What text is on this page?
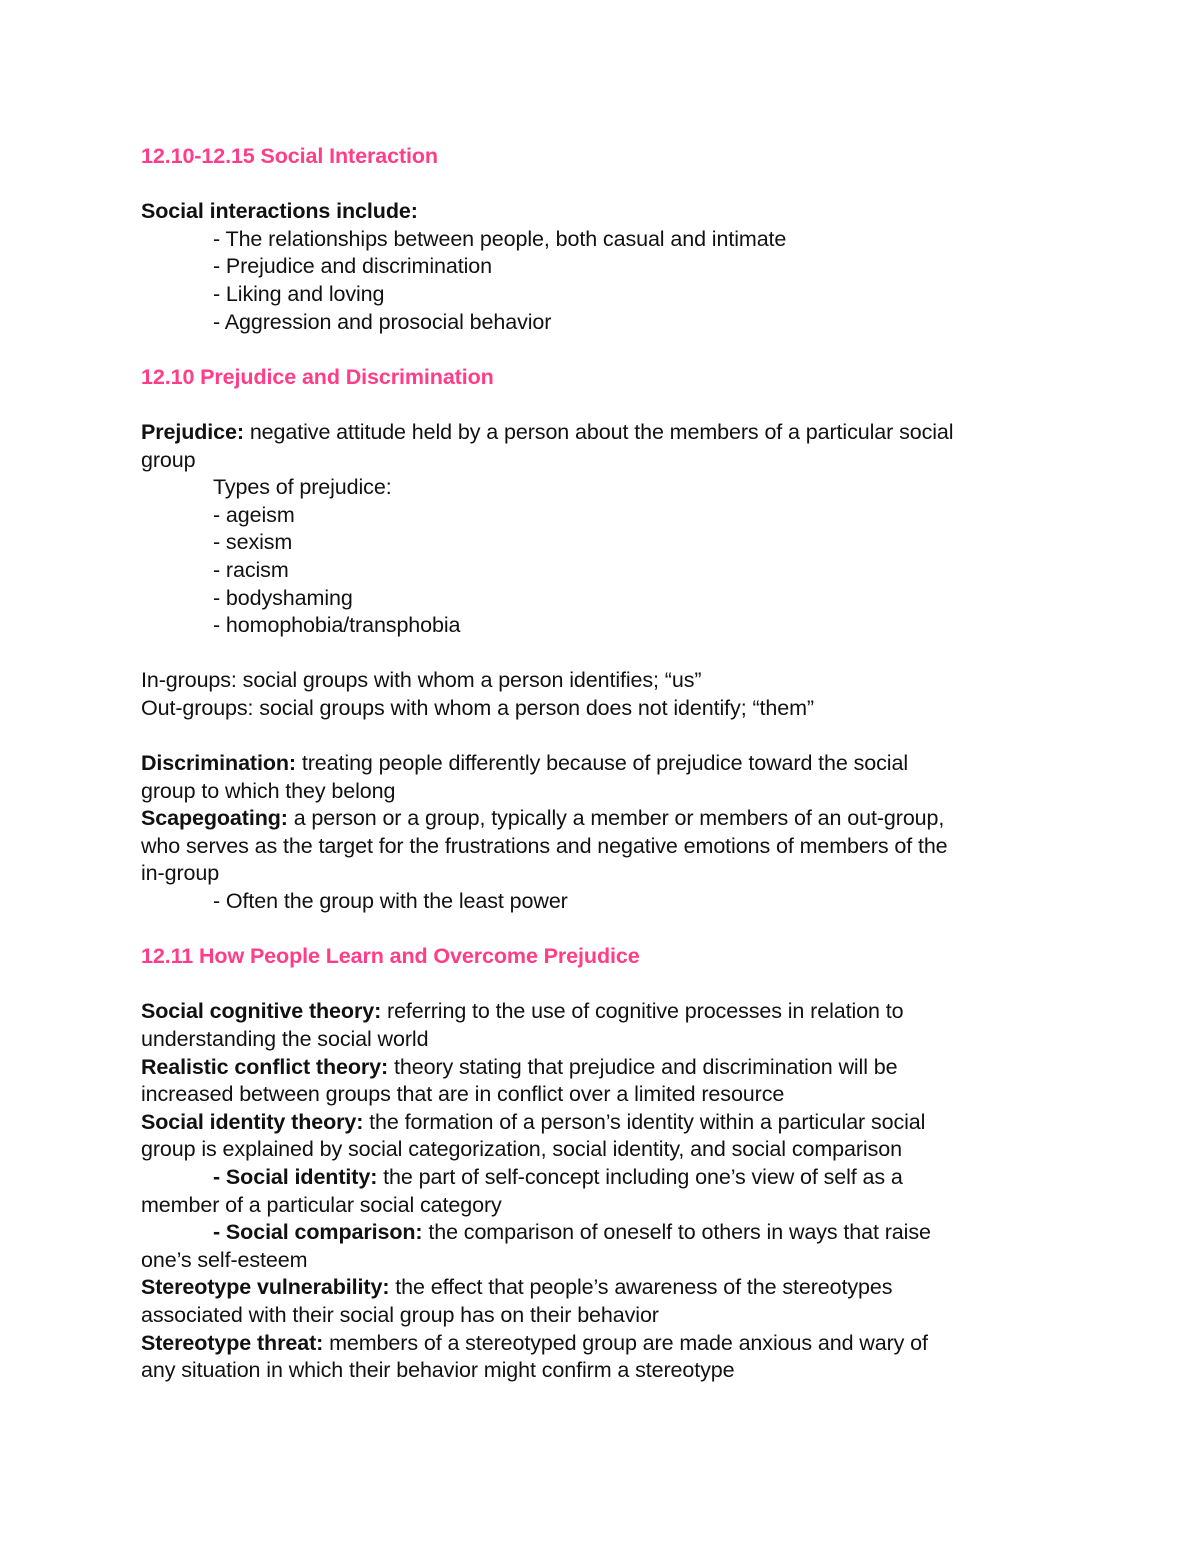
12.10-12.15 Social Interaction

Social interactions include:

- The relationships between people, both casual and intimate

- Prejudice and discrimination

- Liking and loving

- Aggression and prosocial behavior

12.10 Prejudice and Discrimination

Prejudice: negative attitude held by a person about the members of a particular social

group

Types of prejudice:

- ageism

- sexism

- racism

- bodyshaming

- homophobia/transphobia

In-groups: social groups with whom a person identifies; “us”

Out-groups: social groups with whom a person does not identify; “them”

Discrimination: treating people differently because of prejudice toward the social

group to which they belong

Scapegoating: a person or a group, typically a member or members of an out-group,

who serves as the target for the frustrations and negative emotions of members of the

in-group

- Often the group with the least power

12.11 How People Learn and Overcome Prejudice

Social cognitive theory: referring to the use of cognitive processes in relation to

understanding the social world

Realistic conflict theory: theory stating that prejudice and discrimination will be

increased between groups that are in conflict over a limited resource

Social identity theory: the formation of a person’s identity within a particular social

group is explained by social categorization, social identity, and social comparison

- Social identity: the part of self-concept including one’s view of self as a

member of a particular social category

- Social comparison: the comparison of oneself to others in ways that raise

one’s self-esteem

Stereotype vulnerability: the effect that people’s awareness of the stereotypes

associated with their social group has on their behavior

Stereotype threat: members of a stereotyped group are made anxious and wary of

any situation in which their behavior might confirm a stereotype
